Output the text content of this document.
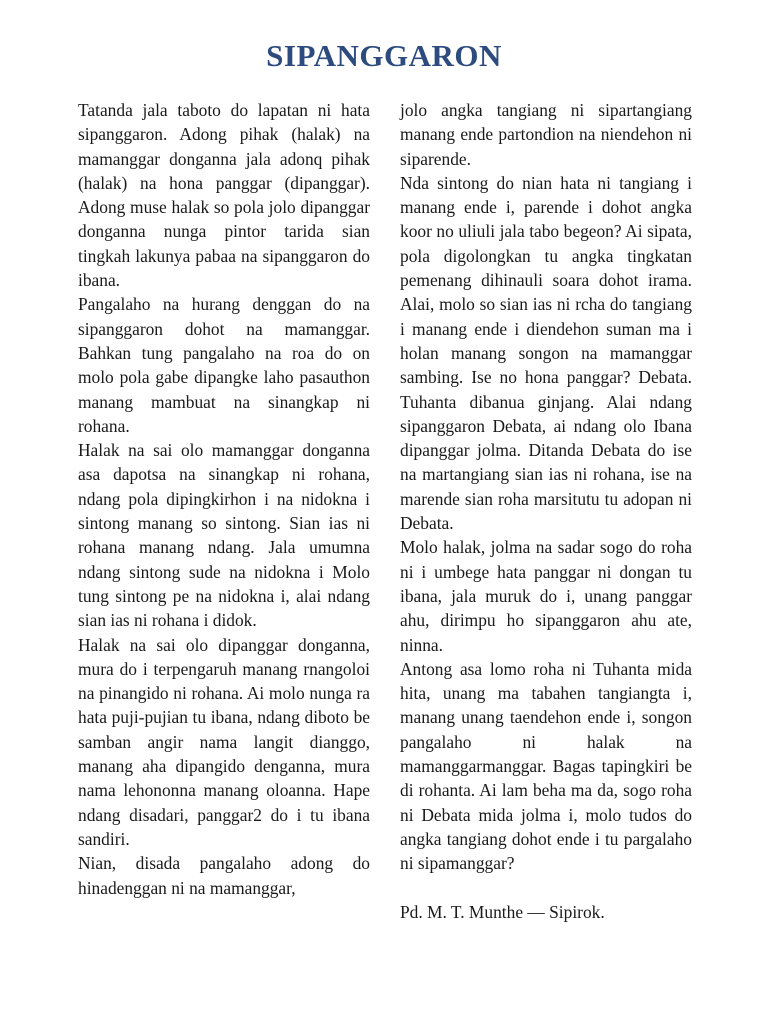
SIPANGGARON

Tatanda jala taboto do lapatan ni hata sipanggaron. Adong pihak (halak) na mamanggar donganna jala adonq pihak (halak) na hona panggar (dipanggar). Adong muse halak so pola jolo dipanggar donganna nunga pintor tarida sian tingkah lakunya pabaa na sipanggaron do ibana.

Pangalaho na hurang denggan do na sipanggaron dohot na mamanggar. Bahkan tung pangalaho na roa do on molo pola gabe dipangke laho pasauthon manang mambuat na sinangkap ni rohana.

Halak na sai olo mamanggar donganna asa dapotsa na sinangkap ni rohana, ndang pola dipingkirhon i na nidokna i sintong manang so sintong. Sian ias ni rohana manang ndang. Jala umumna ndang sintong sude na nidokna i Molo tung sintong pe na nidokna i, alai ndang sian ias ni rohana i didok.

Halak na sai olo dipanggar donganna, mura do i terpengaruh manang rnangoloi na pinangido ni rohana. Ai molo nunga ra hata puji-pujian tu ibana, ndang diboto be samban angir nama langit dianggo, manang aha dipangido denganna, mura nama lehononna manang oloanna. Hape ndang disadari, panggar2 do i tu ibana sandiri.

Nian, disada pangalaho adong do hinadenggan ni na mamanggar,

jolo angka tangiang ni sipartangiang manang ende partondion na niendehon ni siparende.

Nda sintong do nian hata ni tangiang i manang ende i, parende i dohot angka koor no uliuli jala tabo begeon? Ai sipata, pola digolongkan tu angka tingkatan pemenang dihinauli soara dohot irama. Alai, molo so sian ias ni rcha do tangiang i manang ende i diendehon suman ma i holan manang songon na mamanggar sambing. Ise no hona panggar? Debata. Tuhanta dibanua ginjang. Alai ndang sipanggaron Debata, ai ndang olo Ibana dipanggar jolma. Ditanda Debata do ise na martangiang sian ias ni rohana, ise na marende sian roha marsitutu tu adopan ni Debata.

Molo halak, jolma na sadar sogo do roha ni i umbege hata panggar ni dongan tu ibana, jala muruk do i, unang panggar ahu, dirimpu ho sipanggaron ahu ate, ninna.

Antong asa lomo roha ni Tuhanta mida hita, unang ma tabahen tangiangta i, manang unang taendehon ende i, songon pangalaho ni halak na mamanggarmanggar. Bagas tapingkiri be di rohanta. Ai lam beha ma da, sogo roha ni Debata mida jolma i, molo tudos do angka tangiang dohot ende i tu pargalaho ni sipamanggar?

Pd. M. T. Munthe — Sipirok.
